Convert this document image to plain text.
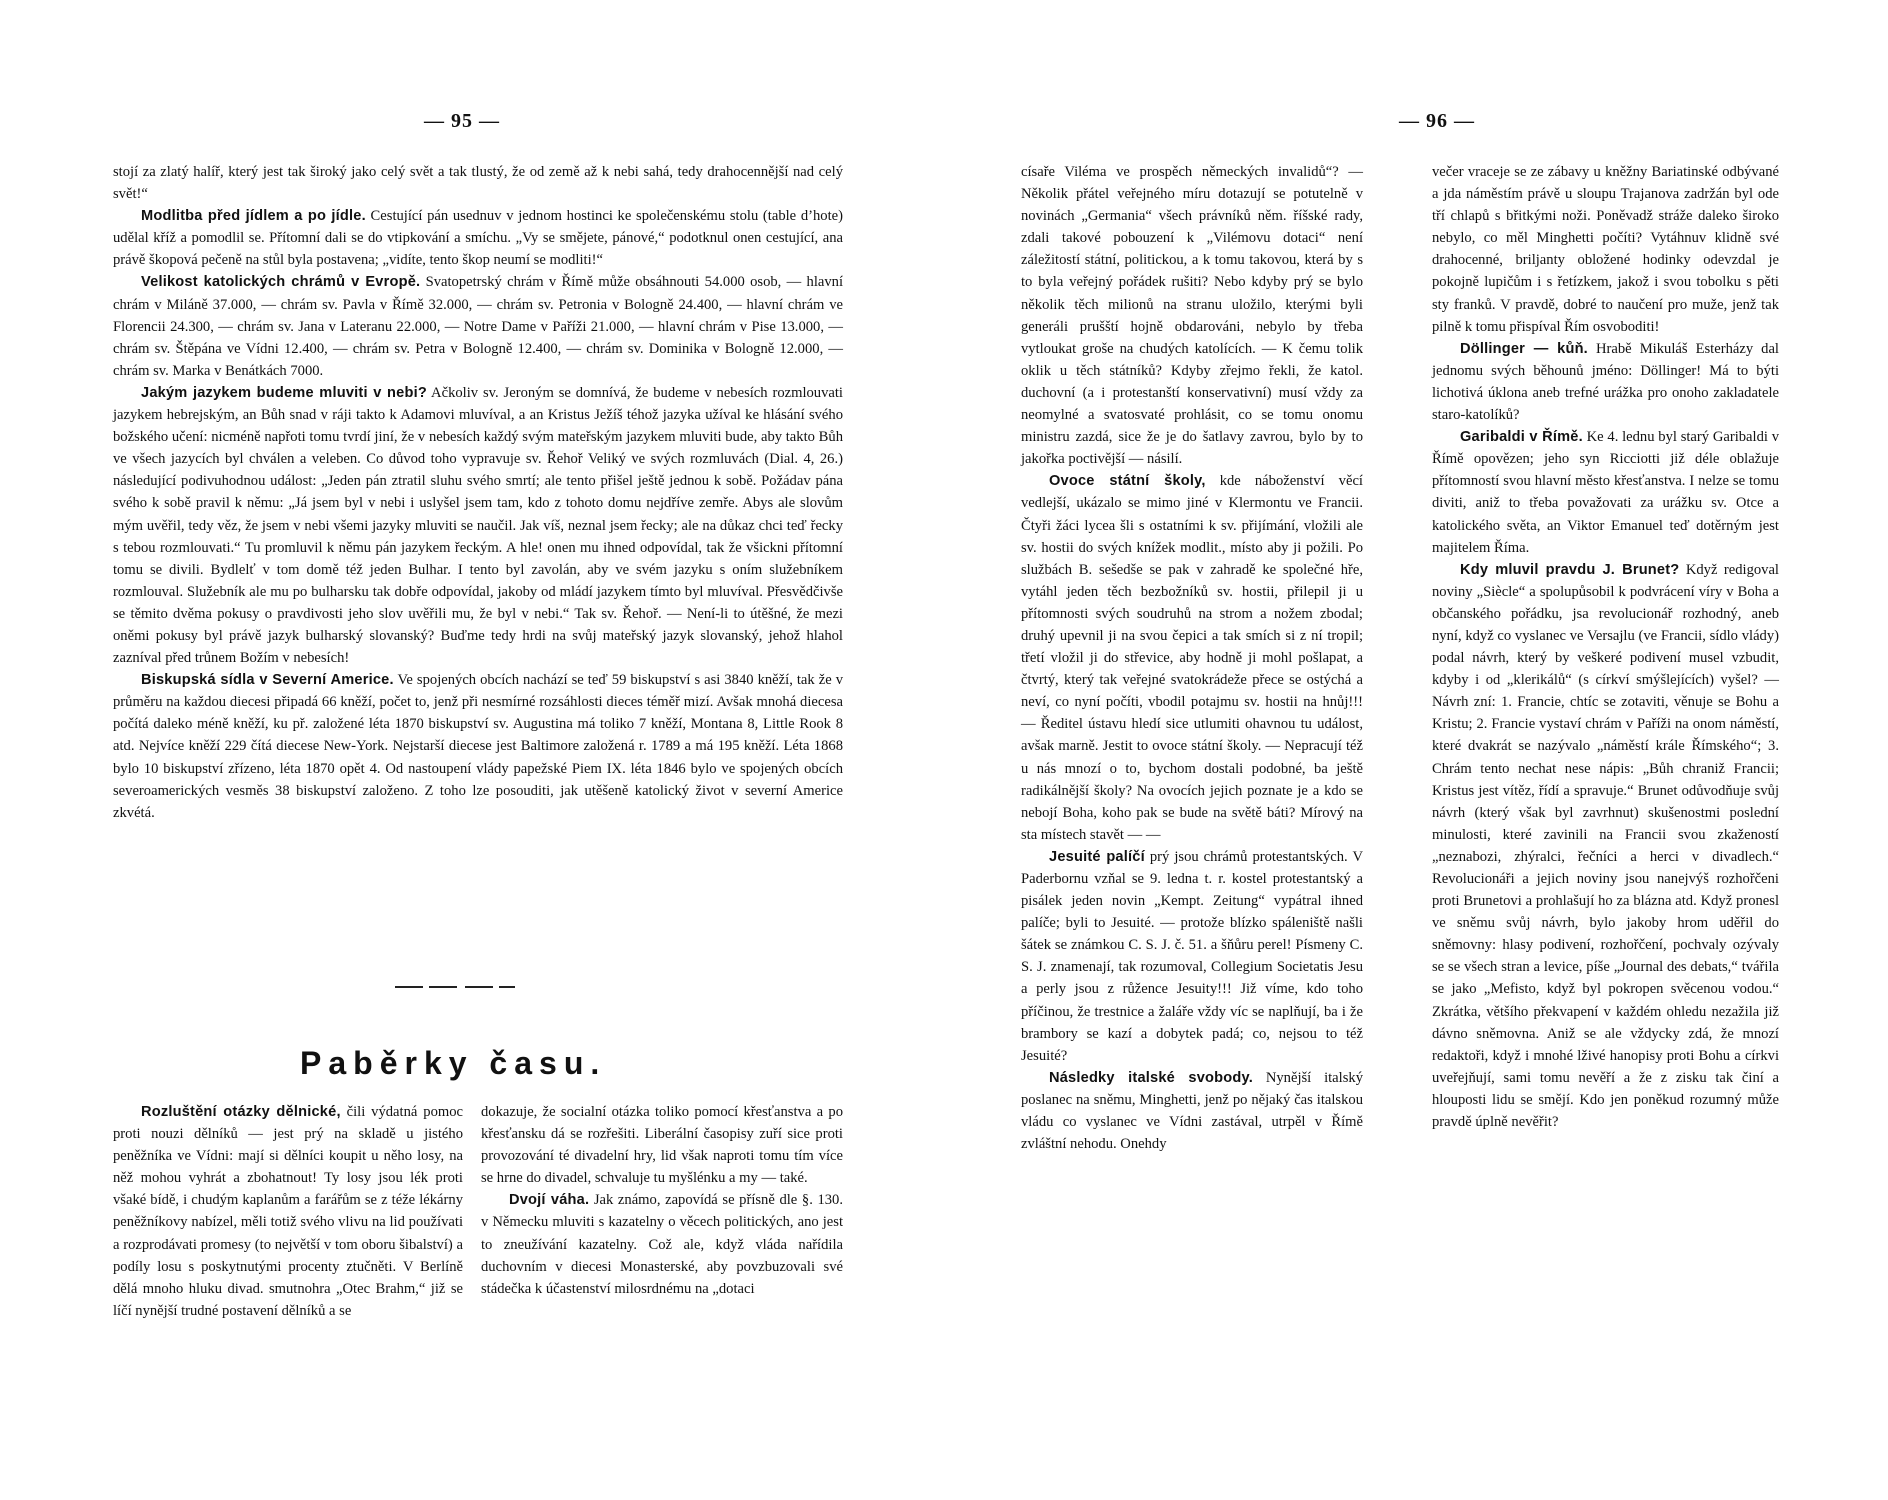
— 95 —

stojí za zlatý halíř, který jest tak široký jako celý svět a tak tlustý, že od země až k nebi sahá, tedy drahocennější nad celý svět!“

Modlitba před jídlem a po jídle. Cestující pán usednuv v jednom hostinci ke společenskému stolu (table d’hote) udělal kříž a pomodlil se. Přítomní dali se do vtipkování a smíchu. „Vy se smějete, pánové,“ podotknul onen cestující, ana právě škopová pečeně na stůl byla postavena; „vidíte, tento škop neumí se modliti!“

Velikost katolických chrámů v Evropě. Svatopetrský chrám v Římě může obsáhnouti 54.000 osob, — hlavní chrám v Miláně 37.000, — chrám sv. Pavla v Římě 32.000, — chrám sv. Petronia v Bologně 24.400, — hlavní chrám ve Florencii 24.300, — chrám sv. Jana v Lateranu 22.000, — Notre Dame v Paříži 21.000, — hlavní chrám v Pise 13.000, — chrám sv. Štěpána ve Vídni 12.400, — chrám sv. Petra v Bologně 12.400, — chrám sv. Dominika v Bologně 12.000, — chrám sv. Marka v Benátkách 7000.

Jakým jazykem budeme mluviti v nebi? Ačkoliv sv. Jeroným se domnívá, že budeme v nebesích rozmlouvati jazykem hebrejským, an Bůh snad v ráji takto k Adamovi mluvíval, a an Kristus Ježíš téhož jazyka užíval ke hlásání svého božského učení: nicméně napřoti tomu tvrdí jiní, že v nebesích každý svým mateřským jazykem mluviti bude, aby takto Bůh ve všech jazycích byl chválen a veleben. Co důvod toho vypravuje sv. Řehoř Veliký ve svých rozmluvách (Dial. 4, 26.) následující podivuhodnou událost: „Jeden pán ztratil sluhu svého smrtí; ale tento přišel ještě jednou k sobě. Požádav pána svého k sobě pravil k němu: „Já jsem byl v nebi i uslyšel jsem tam, kdo z tohoto domu nejdříve zemře. Abys ale slovům mým uvěřil, tedy věz, že jsem v nebi všemi jazyky mluviti se naučil. Jak víš, neznal jsem řecky; ale na důkaz chci teď řecky s tebou rozmlouvati.“ Tu promluvil k němu pán jazykem řeckým. A hle! onen mu ihned odpovídal, tak že všickni přítomní tomu se divili. Bydlelť v tom domě též jeden Bulhar. I tento byl zavolán, aby ve svém jazyku s oním služebníkem rozmlouval. Služebník ale mu po bulharsku tak dobře odpovídal, jakoby od mládí jazykem tímto byl mluvíval. Přesvědčivše se těmito dvěma pokusy o pravdivosti jeho slov uvěřili mu, že byl v nebi.“ Tak sv. Řehoř. — Není-li to útěšné, že mezi oněmi pokusy byl právě jazyk bulharský slovanský? Buďme tedy hrdi na svůj mateřský jazyk slovanský, jehož hlahol zazníval před trůnem Božím v nebesích!

Biskupská sídla v Severní Americe. Ve spojených obcích nachází se teď 59 biskupství s asi 3840 kněží, tak že v průměru na každou diecesi připadá 66 kněží, počet to, jenž při nesmírné rozsáhlosti dieces téměř mizí. Avšak mnohá diecesa počítá daleko méně kněží, ku př. založené léta 1870 biskupství sv. Augustina má toliko 7 kněží, Montana 8, Little Rook 8 atd. Nejvíce kněží 229 čítá diecese New-York. Nejstarší diecese jest Baltimore založená r. 1789 a má 195 kněží. Léta 1868 bylo 10 biskupství zřízeno, léta 1870 opět 4. Od nastoupení vlády papežské Piem IX. léta 1846 bylo ve spojených obcích severoamerických vesměs 38 biskupství založeno. Z toho lze posouditi, jak utěšeně katolický život v severní Americe zkvétá.

Paběrky času.

Rozluštění otázky dělnické, čili výdatná pomoc proti nouzi dělníků — jest prý na skladě u jistého peněžníka ve Vídni: mají si dělníci koupit u něho losy, na něž mohou vyhrát a zbohatnout! Ty losy jsou lék proti všaké bídě, i chudým kaplanům a farářům se z téže lékárny peněžníkovy nabízel, měli totiž svého vlivu na lid používati a rozprodávati promesy (to největší v tom oboru šibalství) a podíly losu s poskytnutými procenty ztučněti. V Berlíně dělá mnoho hluku divad. smutnohra „Otec Brahm,“ již se líčí nynější trudné postavení dělníků a se

dokazuje, že socialní otázka toliko pomocí křesťanstva a po křesťansku dá se rozřešiti. Liberální časopisy zuří sice proti provozování té divadelní hry, lid však naproti tomu tím více se hrne do divadel, schvaluje tu myšlénku a my — také.

Dvojí váha. Jak známo, zapovídá se přísně dle §. 130. v Německu mluviti s kazatelny o věcech politických, ano jest to zneužívání kazatelny. Což ale, když vláda nařídila duchovním v diecesi Monasterské, aby povzbuzovali své stádečka k účastenství milosrdnému na „dotaci

— 96 —

císaře Viléma ve prospěch německých invalidů“? — Několik přátel veřejného míru dotazují se potutelně v novinách „Germania“ všech právníků něm. říšské rady, zdali takové pobouzení k „Vilémovu dotaci“ není záležitostí státní, politickou, a k tomu takovou, která by s to byla veřejný pořádek rušiti? Nebo kdyby prý se bylo několik těch milionů na stranu uložilo, kterými byli generáli prušští hojně obdarováni, nebylo by třeba vytloukat groše na chudých katolících. — K čemu tolik oklik u těch státníků? Kdyby zřejmo řekli, že katol. duchovní (a i protestanští konservativní) musí vždy za neomylné a svatosvaté prohlásit, co se tomu onomu ministru zazdá, sice že je do šatlavy zavrou, bylo by to jakořka poctivější — násilí.

Ovoce státní školy, kde náboženství věcí vedlejší, ukázalo se mimo jiné v Klermontu ve Francii. Čtyři žáci lycea šli s ostatními k sv. přijímání, vložili ale sv. hostii do svých knížek modlit., místo aby ji požili. Po službách B. sešedše se pak v zahradě ke společné hře, vytáhl jeden těch bezbožníků sv. hostii, přilepil ji u přítomnosti svých soudruhů na strom a nožem zbodal; druhý upevnil ji na svou čepici a tak smích si z ní tropil; třetí vložil ji do střevice, aby hodně ji mohl pošlapat, a čtvrtý, který tak veřejné svatokrádeže přece se ostýchá a neví, co nyní počíti, vbodil potajmu sv. hostii na hnůj!!! — Ředitel ústavu hledí sice utlumiti ohavnou tu událost, avšak marně. Jestit to ovoce státní školy. — Nepracují též u nás mnozí o to, bychom dostali podobné, ba ještě radikálnější školy? Na ovocích jejich poznate je a kdo se nebojí Boha, koho pak se bude na světě báti? Mírový na sta místech stavět — —

Jesuité palíčí prý jsou chrámů protestantských. V Paderbornu vzňal se 9. ledna t. r. kostel protestantský a pisálek jeden novin „Kempt. Zeitung“ vypátral ihned palíče; byli to Jesuité. — protože blízko spáleniště našli šátek se známkou C. S. J. č. 51. a šňůru perel! Písmeny C. S. J. znamenají, tak rozumoval, Collegium Societatis Jesu a perly jsou z růžence Jesuity!!! Již víme, kdo toho příčinou, že trestnice a žaláře vždy víc se naplňují, ba i že brambory se kazí a dobytek padá; co, nejsou to též Jesuité?

Následky italské svobody. Nynější italský poslanec na sněmu, Minghetti, jenž po nějaký čas italskou vládu co vyslanec ve Vídni zastával, utrpěl v Římě zvláštní nehodu. Onehdy

večer vracejе se ze zábavy u kněžny Bariatinské odbývané a jda náměstím právě u sloupu Trajanova zadržán byl ode tří chlapů s břitkými noži. Poněvadž stráže daleko široko nebylo, co měl Minghetti počíti? Vytáhnuv klidně své drahocenné, briljanty obložené hodinky odevzdal je pokojně lupičům i s řetízkem, jakož i svou tobolku s pěti sty franků. V pravdě, dobré to naučení pro muže, jenž tak pilně k tomu přispíval Řím osvoboditi!

Döllinger — kůň. Hrabě Mikuláš Esterházy dal jednomu svých běhounů jméno: Döllinger! Má to býti lichotivá úklona aneb trefné urážka pro onoho zakladatele staro-katolíků?

Garibaldi v Římě. Ke 4. lednu byl starý Garibaldi v Římě opovězen; jeho syn Ricciotti již déle oblažuje přítomností svou hlavní město křesťanstva. I nelze se tomu diviti, aniž to třeba považovati za urážku sv. Otce a katolického světa, an Viktor Emanuel teď dotěrným jest majitelem Říma.

Kdy mluvil pravdu J. Brunet? Když redigoval noviny „Siècle“ a spolupůsobil k podvrácení víry v Boha a občanského pořádku, jsa revolucionář rozhodný, aneb nyní, když co vyslanec ve Versajlu (ve Francii, sídlo vlády) podal návrh, který by veškeré podivení musel vzbudit, kdyby i od „klerikálů“ (s církví smýšlejících) vyšel? — Návrh zní: 1. Francie, chtíc se zotaviti, věnuje se Bohu a Kristu; 2. Francie vystaví chrám v Paříži na onom náměstí, které dvakrát se nazývalo „náměstí krále Římského“; 3. Chrám tento nechat nese nápis: „Bůh chraniž Francii; Kristus jest vítěz, řídí a spravuje.“ Brunet odůvodňuje svůj návrh (který však byl zavrhnut) skušenostmi poslední minulosti, které zavinili na Francii svou zkažeností „neznabozi, zhýralci, řečníci a herci v divadlech.“ Revolucionáři a jejich noviny jsou nanejvýš rozhořčeni proti Brunetovi a prohlašují ho za blázna atd. Když pronesl ve sněmu svůj návrh, bylo jakoby hrom uděřil do sněmovny: hlasy podivení, rozhořčení, pochvaly ozývaly se se všech stran a levice, píše „Journal des debats,“ tvářila se jako „Mefisto, když byl pokropen svěcenou vodou.“ Zkrátka, většího překvapení v každém ohledu nezažila již dávno sněmovna. Aniž se ale vždycky zdá, že mnozí redaktoři, když i mnohé lživé hanopisy proti Bohu a církvi uveřejňují, sami tomu nevěří a že z zisku tak činí a hlouposti lidu se smějí. Kdo jen poněkud rozumný může pravdě úplně nevěřit?
